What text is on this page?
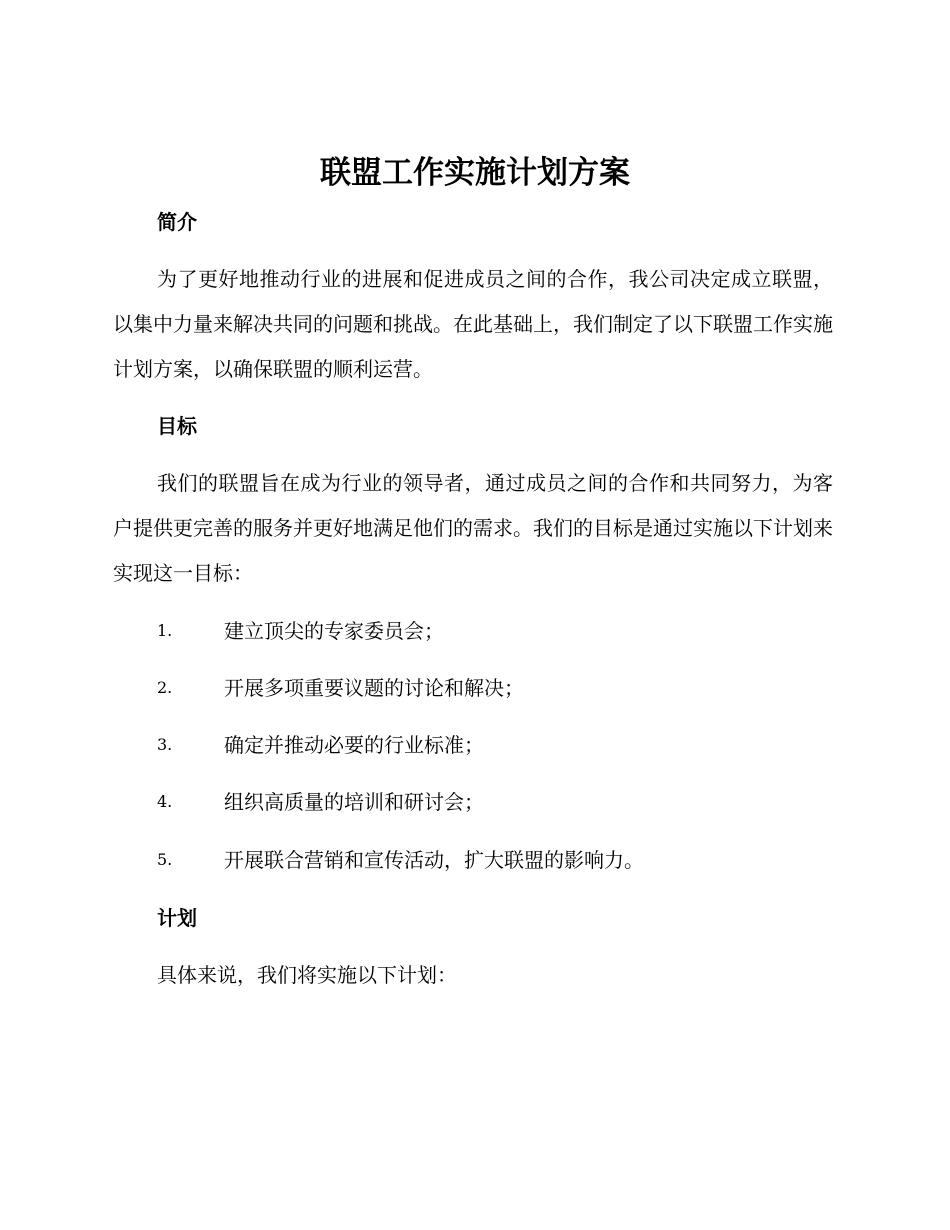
联盟工作实施计划方案
简介

为了更好地推动行业的进展和促进成员之间的合作，我公司决定成立联盟，以集中力量来解决共同的问题和挑战。在此基础上，我们制定了以下联盟工作实施计划方案，以确保联盟的顺利运营。

目标

我们的联盟旨在成为行业的领导者，通过成员之间的合作和共同努力，为客户提供更完善的服务并更好地满足他们的需求。我们的目标是通过实施以下计划来实现这一目标：

1.	建立顶尖的专家委员会；
2.	开展多项重要议题的讨论和解决；
3.	确定并推动必要的行业标准；
4.	组织高质量的培训和研讨会；
5.	开展联合营销和宣传活动，扩大联盟的影响力。
计划

具体来说，我们将实施以下计划：
